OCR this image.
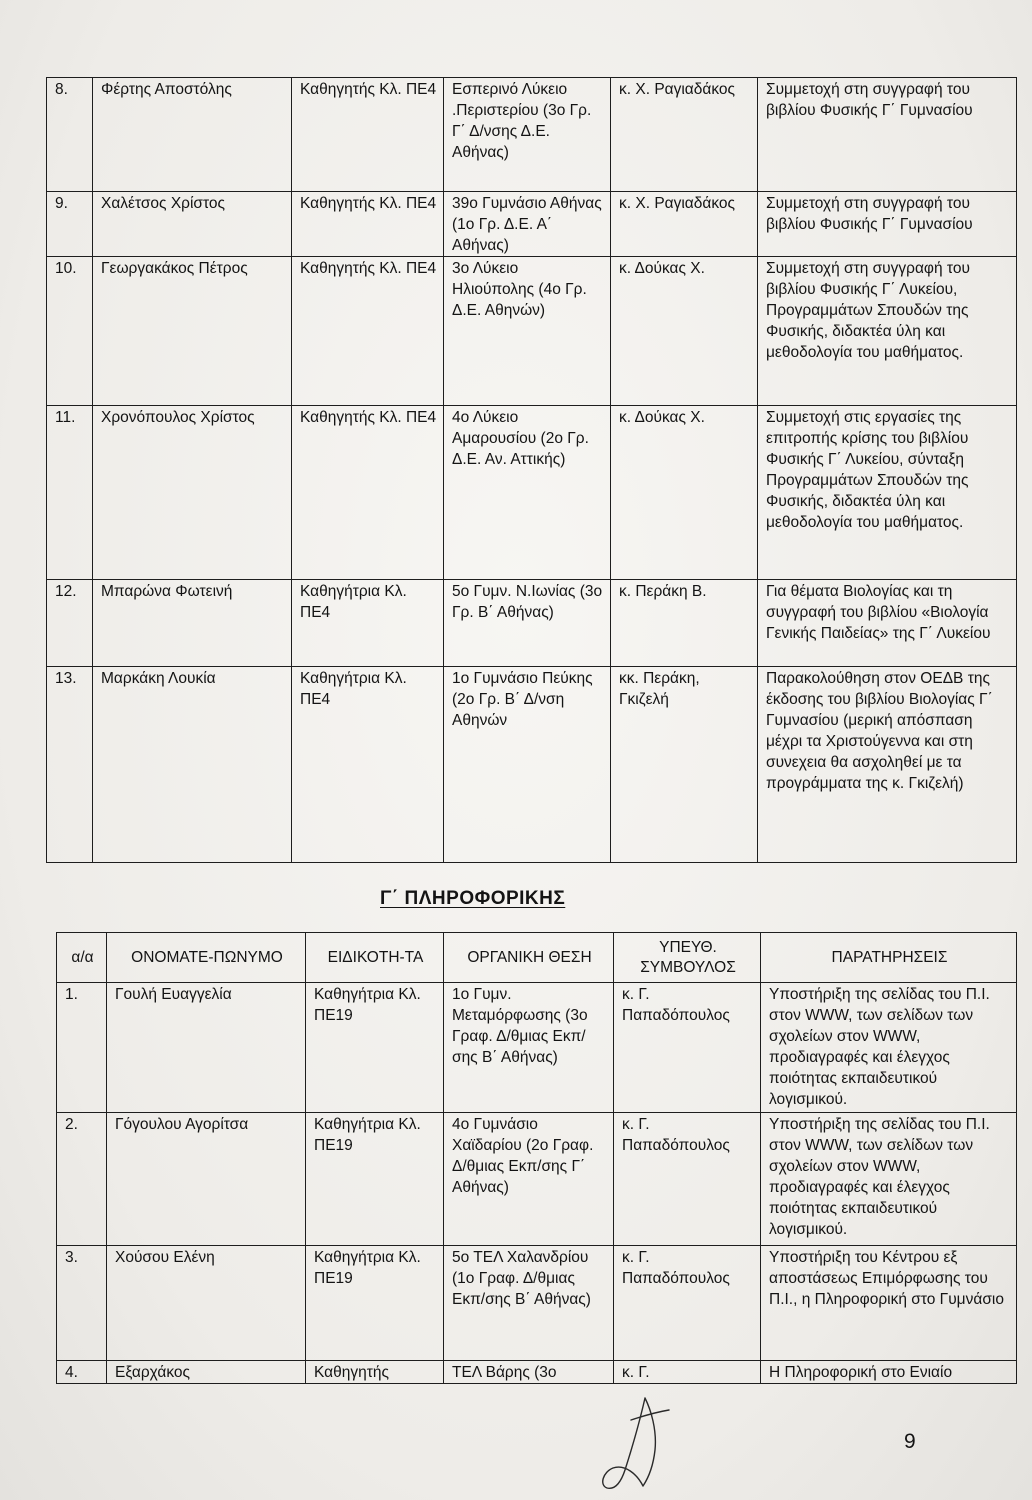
8.	Φέρτης Αποστόλης	Καθηγητής Κλ. ΠΕ4	Εσπερινό Λύκειο .Περιστερίου (3ο Γρ. Γ΄ Δ/νσης Δ.Ε. Αθήνας)	κ. Χ. Ραγιαδάκος	Συμμετοχή στη συγγραφή του βιβλίου Φυσικής Γ΄ Γυμνασίου
9.	Χαλέτσος Χρίστος	Καθηγητής Κλ. ΠΕ4	39ο Γυμνάσιο Αθήνας (1ο Γρ. Δ.Ε. Α΄ Αθήνας)	κ. Χ. Ραγιαδάκος	Συμμετοχή στη συγγραφή του βιβλίου Φυσικής Γ΄ Γυμνασίου
10.	Γεωργακάκος Πέτρος	Καθηγητής Κλ. ΠΕ4	3ο Λύκειο Ηλιούπολης (4ο Γρ. Δ.Ε. Αθηνών)	κ. Δούκας Χ.	Συμμετοχή στη συγγραφή του βιβλίου Φυσικής Γ΄ Λυκείου, Προγραμμάτων Σπουδών της Φυσικής, διδακτέα ύλη και μεθοδολογία του μαθήματος.
11.	Χρονόπουλος Χρίστος	Καθηγητής Κλ. ΠΕ4	4ο Λύκειο Αμαρουσίου (2ο Γρ. Δ.Ε. Αν. Αττικής)	κ. Δούκας Χ.	Συμμετοχή στις εργασίες της επιτροπής κρίσης του βιβλίου Φυσικής Γ΄ Λυκείου, σύνταξη Προγραμμάτων Σπουδών της Φυσικής, διδακτέα ύλη και μεθοδολογία του μαθήματος.
12.	Μπαρώνα Φωτεινή	Καθηγήτρια Κλ. ΠΕ4	5ο Γυμν. Ν.Ιωνίας (3ο Γρ. Β΄ Αθήνας)	κ. Περάκη Β.	Για θέματα Βιολογίας και τη συγγραφή του βιβλίου «Βιολογία Γενικής Παιδείας» της Γ΄ Λυκείου
13.	Μαρκάκη Λουκία	Καθηγήτρια Κλ. ΠΕ4	1ο Γυμνάσιο Πεύκης (2ο Γρ. Β΄ Δ/νση Αθηνών	κκ. Περάκη, Γκιζελή	Παρακολούθηση στον ΟΕΔΒ της έκδοσης του βιβλίου Βιολογίας Γ΄ Γυμνασίου (μερική απόσπαση μέχρι τα Χριστούγεννα και στη συνεχεια θα ασχοληθεί με τα προγράμματα της κ. Γκιζελή)
Γ΄ ΠΛΗΡΟΦΟΡΙΚΗΣ
α/α	ΟΝΟΜΑΤΕ-ΠΩΝΥΜΟ	ΕΙΔΙΚΟΤΗ-ΤΑ	ΟΡΓΑΝΙΚΗ ΘΕΣΗ	ΥΠΕΥΘ. ΣΥΜΒΟΥΛΟΣ	ΠΑΡΑΤΗΡΗΣΕΙΣ
1.	Γουλή Ευαγγελία	Καθηγήτρια Κλ. ΠΕ19	1ο Γυμν. Μεταμόρφωσης (3ο Γραφ. Δ/θμιας Εκπ/σης Β΄ Αθήνας)	κ. Γ. Παπαδόπουλος	Υποστήριξη της σελίδας του Π.Ι. στον WWW, των σελίδων των σχολείων στον WWW, προδιαγραφές και έλεγχος ποιότητας εκπαιδευτικού λογισμικού.
2.	Γόγουλου Αγορίτσα	Καθηγήτρια Κλ. ΠΕ19	4ο Γυμνάσιο Χαϊδαρίου (2ο Γραφ. Δ/θμιας Εκπ/σης Γ΄ Αθήνας)	κ. Γ. Παπαδόπουλος	Υποστήριξη της σελίδας του Π.Ι. στον WWW, των σελίδων των σχολείων στον WWW, προδιαγραφές και έλεγχος ποιότητας εκπαιδευτικού λογισμικού.
3.	Χούσου Ελένη	Καθηγήτρια Κλ. ΠΕ19	5ο ΤΕΛ Χαλανδρίου (1ο Γραφ. Δ/θμιας Εκπ/σης Β΄ Αθήνας)	κ. Γ. Παπαδόπουλος	Υποστήριξη του Κέντρου εξ αποστάσεως Επιμόρφωσης του Π.Ι., η Πληροφορική στο Γυμνάσιο
4.	Εξαρχάκος	Καθηγητής	ΤΕΛ Βάρης (3ο	κ. Γ.	Η Πληροφορική στο Ενιαίο
9
